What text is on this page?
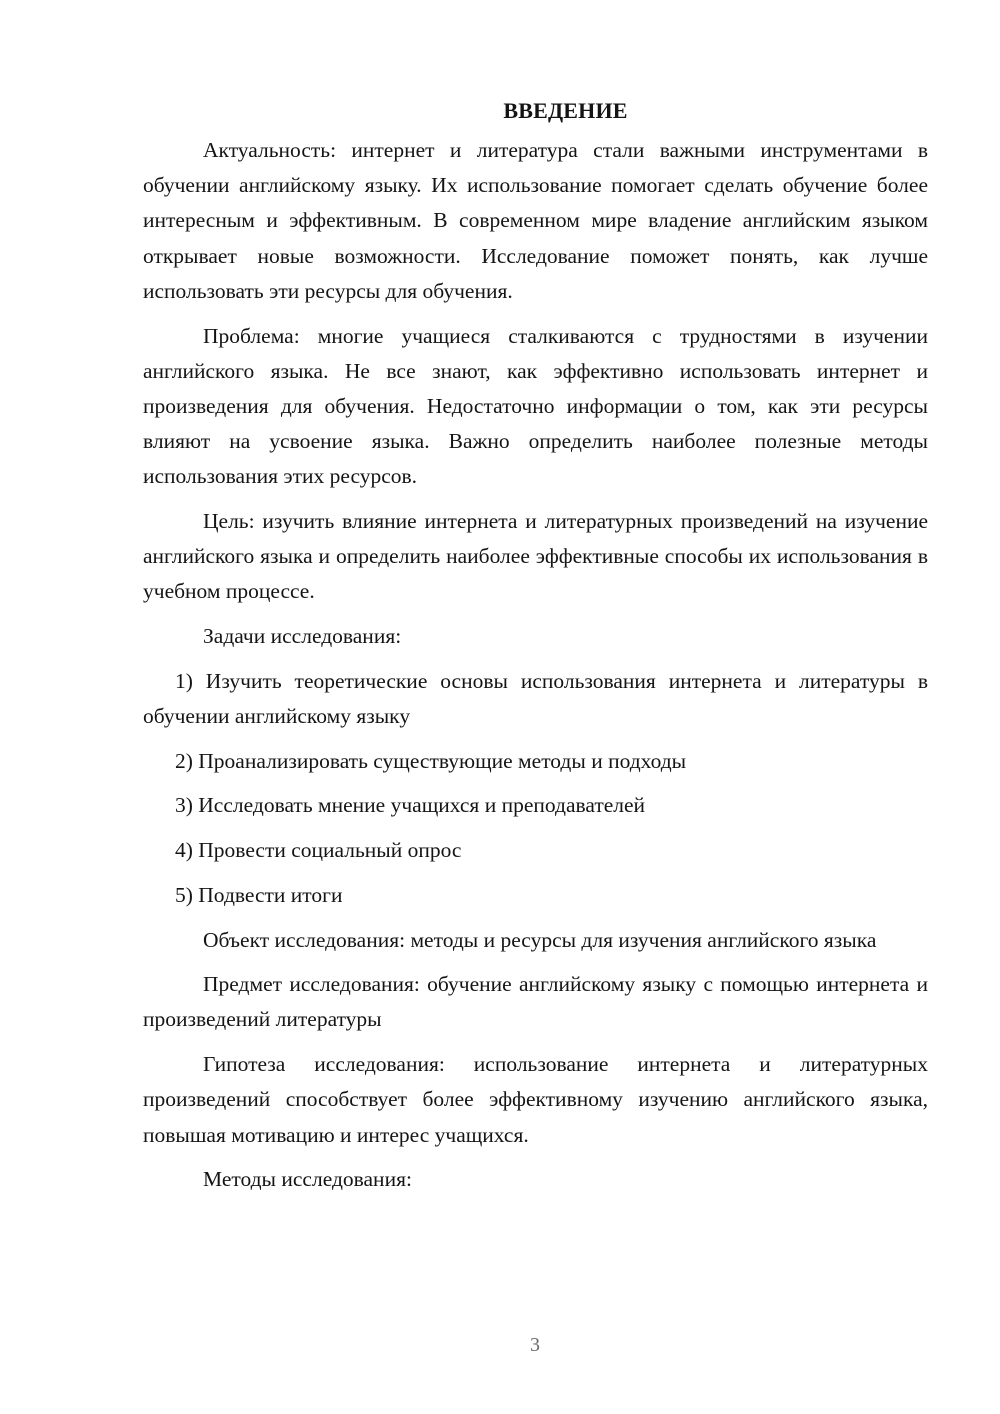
ВВЕДЕНИЕ

Актуальность: интернет и литература стали важными инструментами в обучении английскому языку. Их использование помогает сделать обучение более интересным и эффективным. В современном мире владение английским языком открывает новые возможности. Исследование поможет понять, как лучше использовать эти ресурсы для обучения.

Проблема: многие учащиеся сталкиваются с трудностями в изучении английского языка. Не все знают, как эффективно использовать интернет и произведения для обучения. Недостаточно информации о том, как эти ресурсы влияют на усвоение языка. Важно определить наиболее полезные методы использования этих ресурсов.

Цель: изучить влияние интернета и литературных произведений на изучение английского языка и определить наиболее эффективные способы их использования в учебном процессе.

Задачи исследования:

1) Изучить теоретические основы использования интернета и литературы в обучении английскому языку

2) Проанализировать существующие методы и подходы

3) Исследовать мнение учащихся и преподавателей

4) Провести социальный опрос

5) Подвести итоги

Объект исследования: методы и ресурсы для изучения английского языка

Предмет исследования: обучение английскому языку с помощью интернета и произведений литературы

Гипотеза исследования: использование интернета и литературных произведений способствует более эффективному изучению английского языка, повышая мотивацию и интерес учащихся.

Методы исследования:

3
